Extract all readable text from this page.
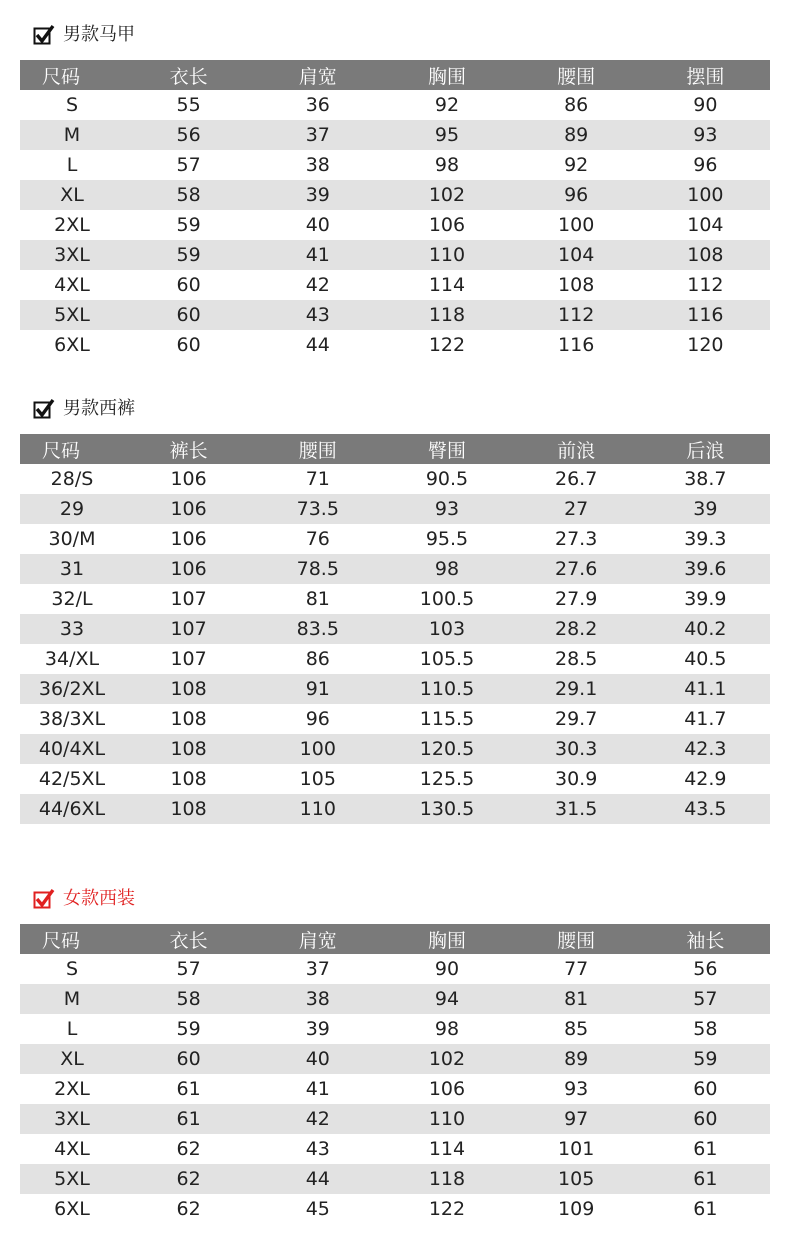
男款马甲
尺码	衣长	肩宽	胸围	腰围	摆围
S	55	36	92	86	90
M	56	37	95	89	93
L	57	38	98	92	96
XL	58	39	102	96	100
2XL	59	40	106	100	104
3XL	59	41	110	104	108
4XL	60	42	114	108	112
5XL	60	43	118	112	116
6XL	60	44	122	116	120
男款西裤
尺码	裤长	腰围	臀围	前浪	后浪
28/S	106	71	90.5	26.7	38.7
29	106	73.5	93	27	39
30/M	106	76	95.5	27.3	39.3
31	106	78.5	98	27.6	39.6
32/L	107	81	100.5	27.9	39.9
33	107	83.5	103	28.2	40.2
34/XL	107	86	105.5	28.5	40.5
36/2XL	108	91	110.5	29.1	41.1
38/3XL	108	96	115.5	29.7	41.7
40/4XL	108	100	120.5	30.3	42.3
42/5XL	108	105	125.5	30.9	42.9
44/6XL	108	110	130.5	31.5	43.5
女款西装
尺码	衣长	肩宽	胸围	腰围	袖长
S	57	37	90	77	56
M	58	38	94	81	57
L	59	39	98	85	58
XL	60	40	102	89	59
2XL	61	41	106	93	60
3XL	61	42	110	97	60
4XL	62	43	114	101	61
5XL	62	44	118	105	61
6XL	62	45	122	109	61
